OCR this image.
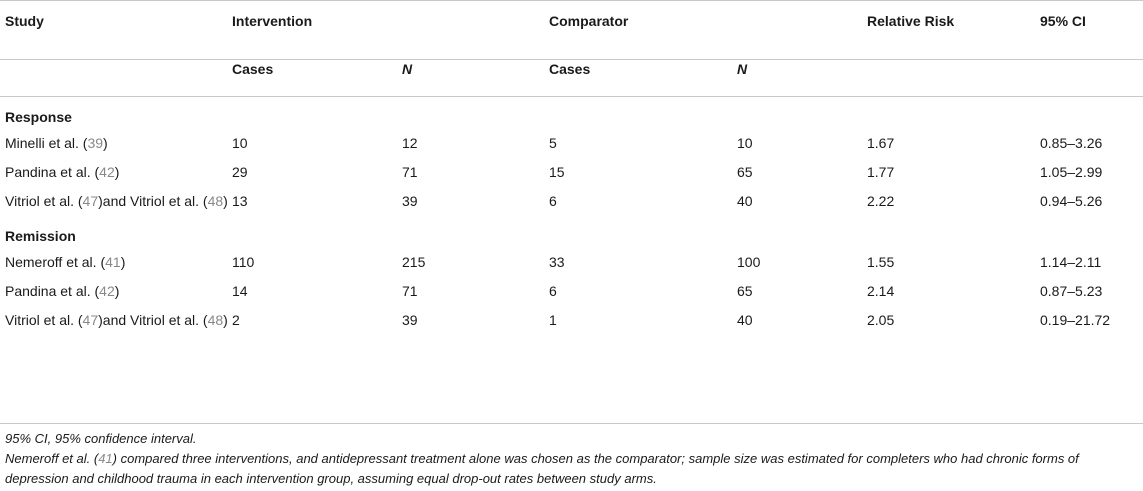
Study	Intervention		Comparator		Relative Risk	95% CI
	Cases	N	Cases	N		
Response						
Minelli et al. (39)	10	12	5	10	1.67	0.85–3.26
Pandina et al. (42)	29	71	15	65	1.77	1.05–2.99
Vitriol et al. (47)and Vitriol et al. (48)	13	39	6	40	2.22	0.94–5.26
Remission						
Nemeroff et al. (41)	110	215	33	100	1.55	1.14–2.11
Pandina et al. (42)	14	71	6	65	2.14	0.87–5.23
Vitriol et al. (47)and Vitriol et al. (48)	2	39	1	40	2.05	0.19–21.72
95% CI, 95% confidence interval.
Nemeroff et al. (41) compared three interventions, and antidepressant treatment alone was chosen as the comparator; sample size was estimated for completers who had chronic forms of depression and childhood trauma in each intervention group, assuming equal drop-out rates between study arms.
